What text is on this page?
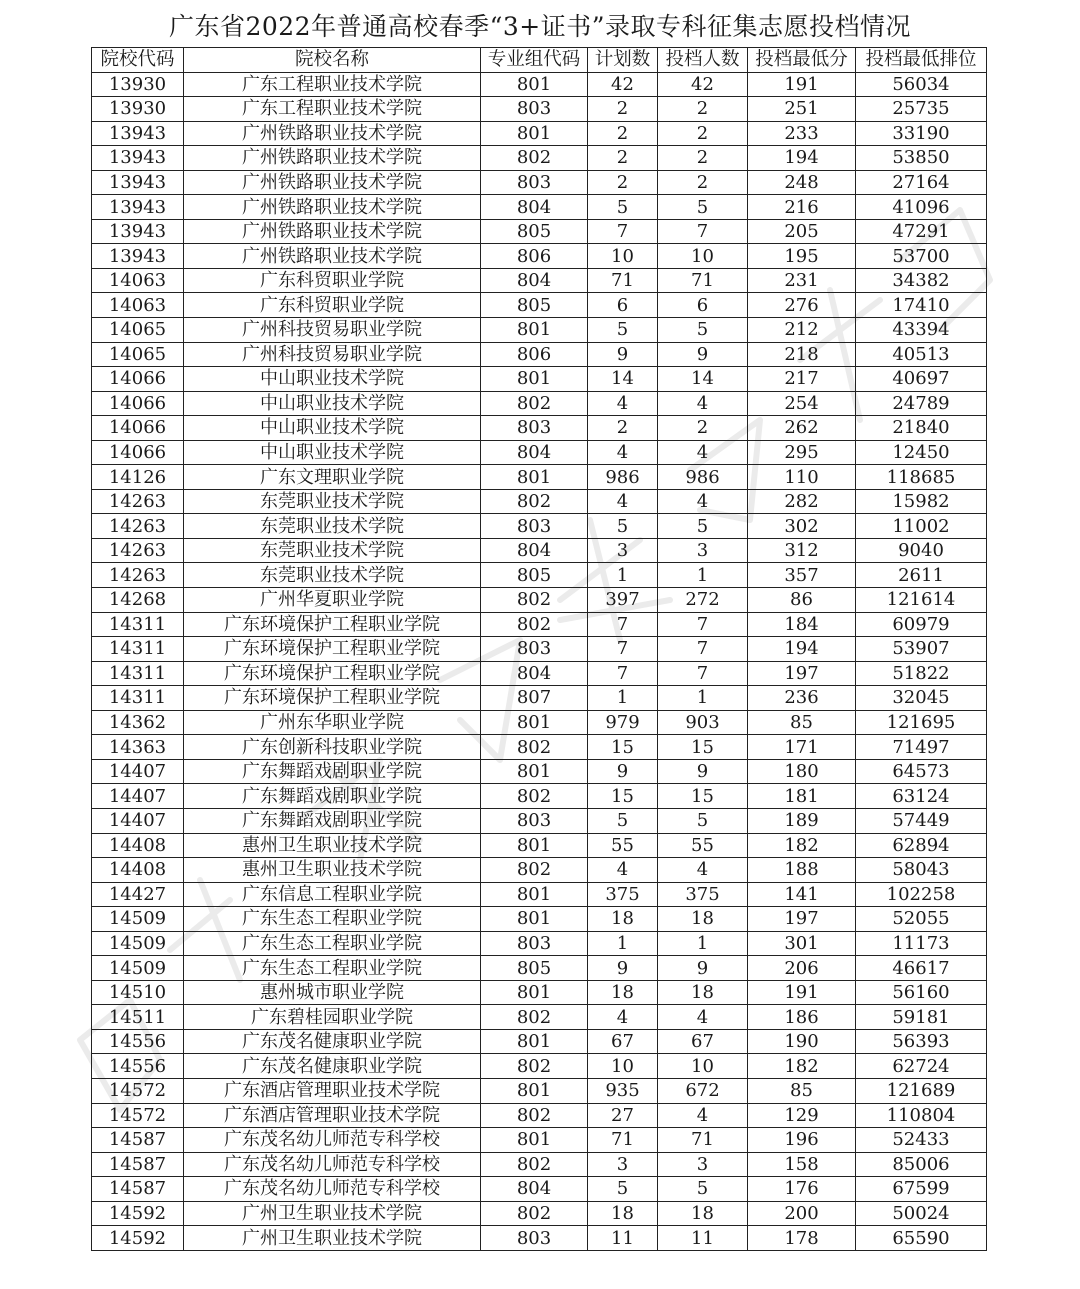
广东省2022年普通高校春季“3+证书”录取专科征集志愿投档情况
院校代码	院校名称	专业组代码	计划数	投档人数	投档最低分	投档最低排位
13930	广东工程职业技术学院	801	42	42	191	56034
13930	广东工程职业技术学院	803	2	2	251	25735
13943	广州铁路职业技术学院	801	2	2	233	33190
13943	广州铁路职业技术学院	802	2	2	194	53850
13943	广州铁路职业技术学院	803	2	2	248	27164
13943	广州铁路职业技术学院	804	5	5	216	41096
13943	广州铁路职业技术学院	805	7	7	205	47291
13943	广州铁路职业技术学院	806	10	10	195	53700
14063	广东科贸职业学院	804	71	71	231	34382
14063	广东科贸职业学院	805	6	6	276	17410
14065	广州科技贸易职业学院	801	5	5	212	43394
14065	广州科技贸易职业学院	806	9	9	218	40513
14066	中山职业技术学院	801	14	14	217	40697
14066	中山职业技术学院	802	4	4	254	24789
14066	中山职业技术学院	803	2	2	262	21840
14066	中山职业技术学院	804	4	4	295	12450
14126	广东文理职业学院	801	986	986	110	118685
14263	东莞职业技术学院	802	4	4	282	15982
14263	东莞职业技术学院	803	5	5	302	11002
14263	东莞职业技术学院	804	3	3	312	9040
14263	东莞职业技术学院	805	1	1	357	2611
14268	广州华夏职业学院	802	397	272	86	121614
14311	广东环境保护工程职业学院	802	7	7	184	60979
14311	广东环境保护工程职业学院	803	7	7	194	53907
14311	广东环境保护工程职业学院	804	7	7	197	51822
14311	广东环境保护工程职业学院	807	1	1	236	32045
14362	广州东华职业学院	801	979	903	85	121695
14363	广东创新科技职业学院	802	15	15	171	71497
14407	广东舞蹈戏剧职业学院	801	9	9	180	64573
14407	广东舞蹈戏剧职业学院	802	15	15	181	63124
14407	广东舞蹈戏剧职业学院	803	5	5	189	57449
14408	惠州卫生职业技术学院	801	55	55	182	62894
14408	惠州卫生职业技术学院	802	4	4	188	58043
14427	广东信息工程职业学院	801	375	375	141	102258
14509	广东生态工程职业学院	801	18	18	197	52055
14509	广东生态工程职业学院	803	1	1	301	11173
14509	广东生态工程职业学院	805	9	9	206	46617
14510	惠州城市职业学院	801	18	18	191	56160
14511	广东碧桂园职业学院	802	4	4	186	59181
14556	广东茂名健康职业学院	801	67	67	190	56393
14556	广东茂名健康职业学院	802	10	10	182	62724
14572	广东酒店管理职业技术学院	801	935	672	85	121689
14572	广东酒店管理职业技术学院	802	27	4	129	110804
14587	广东茂名幼儿师范专科学校	801	71	71	196	52433
14587	广东茂名幼儿师范专科学校	802	3	3	158	85006
14587	广东茂名幼儿师范专科学校	804	5	5	176	67599
14592	广州卫生职业技术学院	802	18	18	200	50024
14592	广州卫生职业技术学院	803	11	11	178	65590
